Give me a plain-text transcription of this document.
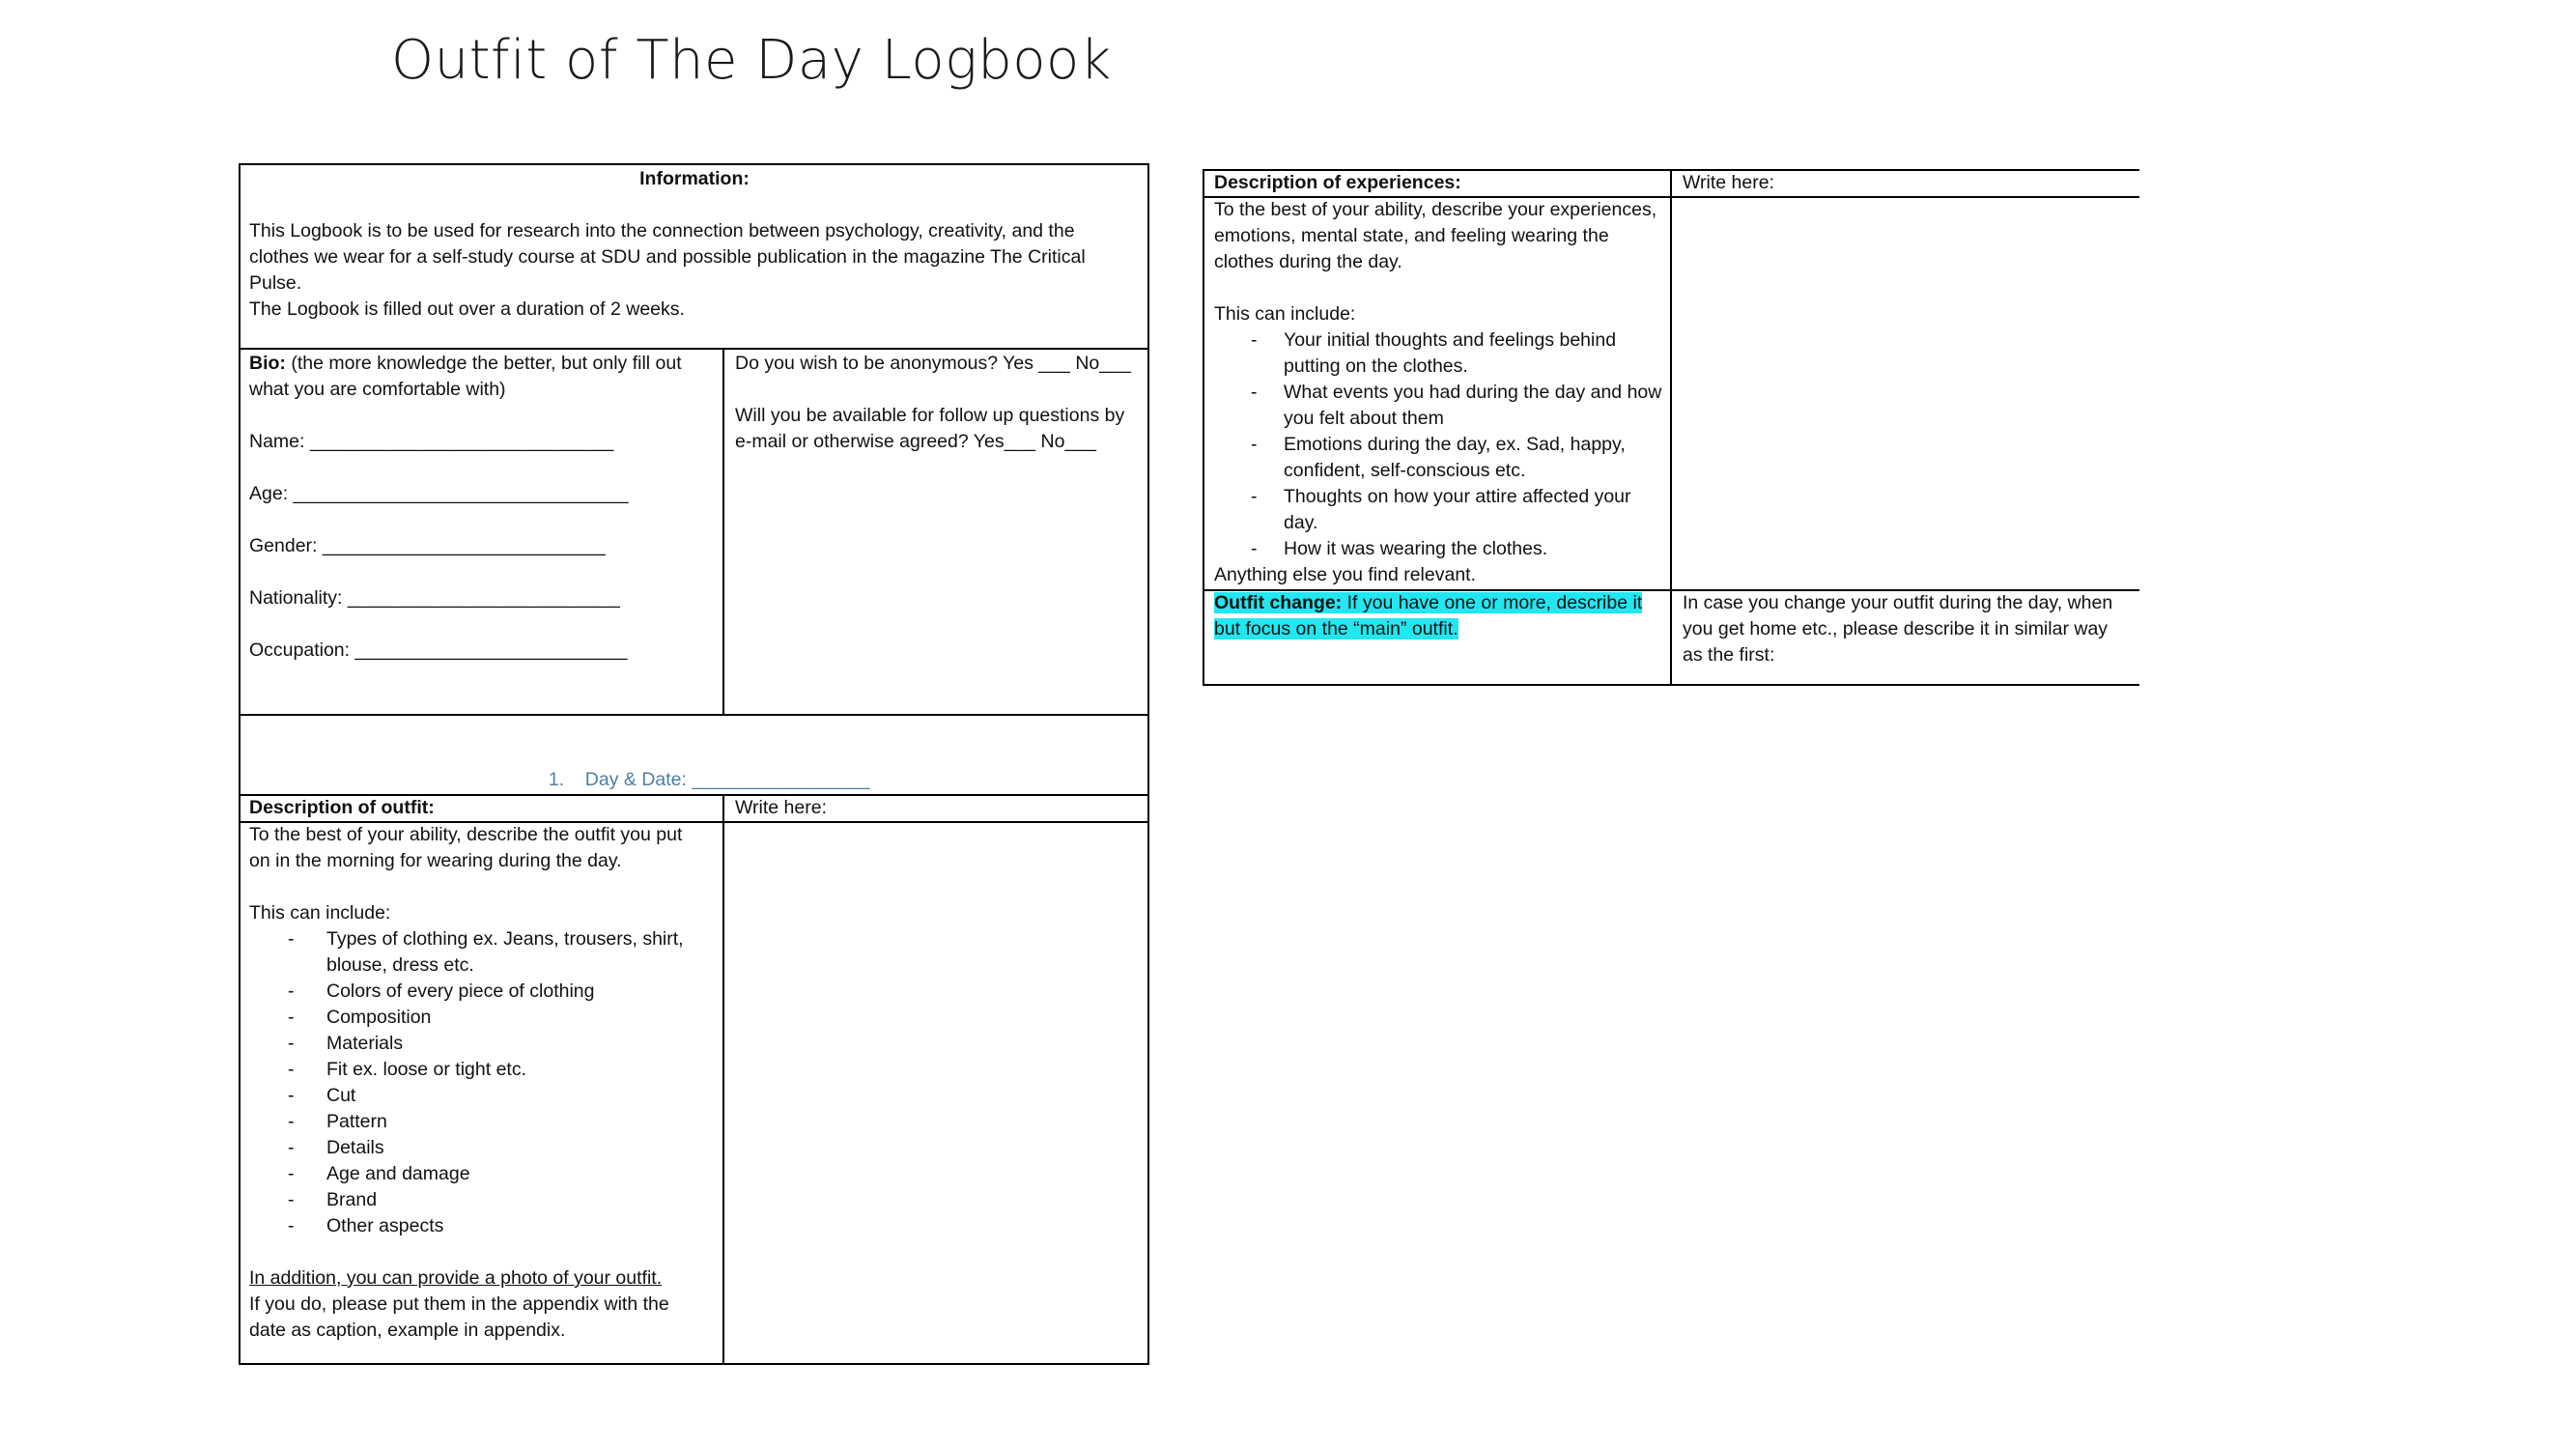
Outfit of The Day Logbook
Information:
This Logbook is to be used for research into the connection between psychology, creativity, and the
clothes we wear for a self-study course at SDU and possible publication in the magazine The Critical
Pulse.
The Logbook is filled out over a duration of 2 weeks.
Bio: (the more knowledge the better, but only fill out what you are comfortable with)
Name: _____________________________
Age: ________________________________
Gender: ___________________________
Nationality: __________________________
Occupation: __________________________
Do you wish to be anonymous? Yes ___ No___
Will you be available for follow up questions by e-mail or otherwise agreed? Yes___ No___

1. Day & Date: _________________

Description of outfit:	Write here:
To the best of your ability, describe the outfit you put on in the morning for wearing during the day.
This can include:
- Types of clothing ex. Jeans, trousers, shirt, blouse, dress etc.
- Colors of every piece of clothing
- Composition
- Materials
- Fit ex. loose or tight etc.
- Cut
- Pattern
- Details
- Age and damage
- Brand
- Other aspects
In addition, you can provide a photo of your outfit.
If you do, please put them in the appendix with the date as caption, example in appendix.
Description of experiences:	Write here:
To the best of your ability, describe your experiences, emotions, mental state, and feeling wearing the clothes during the day.
This can include:
- Your initial thoughts and feelings behind putting on the clothes.
- What events you had during the day and how you felt about them
- Emotions during the day, ex. Sad, happy, confident, self-conscious etc.
- Thoughts on how your attire affected your day.
- How it was wearing the clothes.
Anything else you find relevant.
Outfit change: If you have one or more, describe it but focus on the “main” outfit.
In case you change your outfit during the day, when you get home etc., please describe it in similar way as the first:
